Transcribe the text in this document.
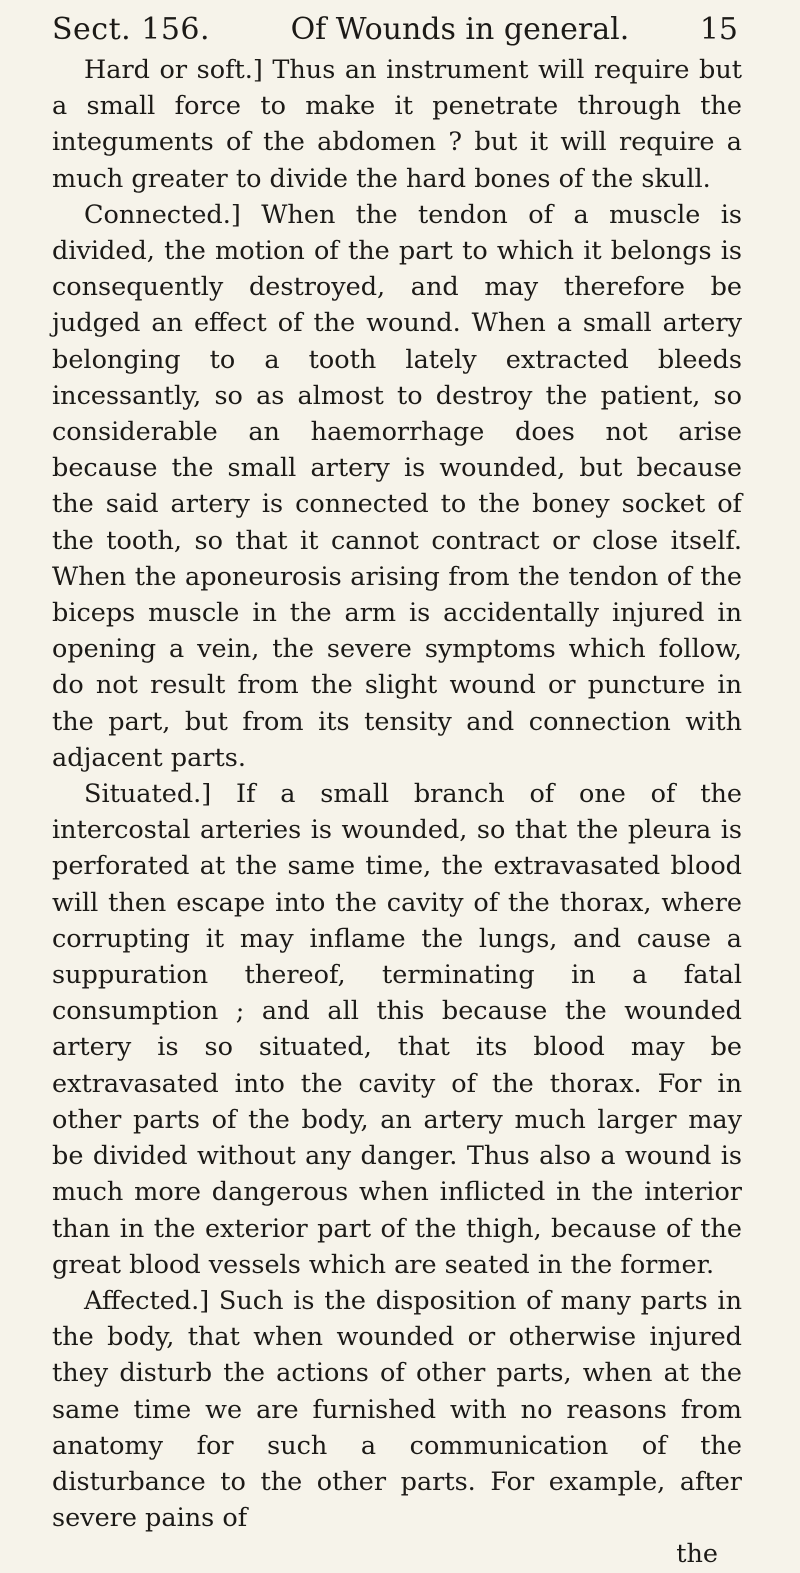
Sect. 156.	Of Wounds in general.	15

Hard or soft.] Thus an instrument will require but a small force to make it penetrate through the integuments of the abdomen ? but it will require a much greater to divide the hard bones of the skull.

Connected.] When the tendon of a muscle is divided, the motion of the part to which it belongs is consequently destroyed, and may therefore be judged an effect of the wound. When a small artery belonging to a tooth lately extracted bleeds incessantly, so as almost to destroy the patient, so considerable an haemorrhage does not arise because the small artery is wounded, but because the said artery is connected to the boney socket of the tooth, so that it cannot contract or close itself. When the aponeurosis arising from the tendon of the biceps muscle in the arm is accidentally injured in opening a vein, the severe symptoms which follow, do not result from the slight wound or puncture in the part, but from its tensity and connection with adjacent parts.

Situated.] If a small branch of one of the intercostal arteries is wounded, so that the pleura is perforated at the same time, the extravasated blood will then escape into the cavity of the thorax, where corrupting it may inflame the lungs, and cause a suppuration thereof, terminating in a fatal consumption ; and all this because the wounded artery is so situated, that its blood may be extravasated into the cavity of the thorax. For in other parts of the body, an artery much larger may be divided without any danger. Thus also a wound is much more dangerous when inflicted in the interior than in the exterior part of the thigh, because of the great blood vessels which are seated in the former.

Affected.] Such is the disposition of many parts in the body, that when wounded or otherwise injured they disturb the actions of other parts, when at the same time we are furnished with no reasons from anatomy for such a communication of the disturbance to the other parts. For example, after severe pains of

the
